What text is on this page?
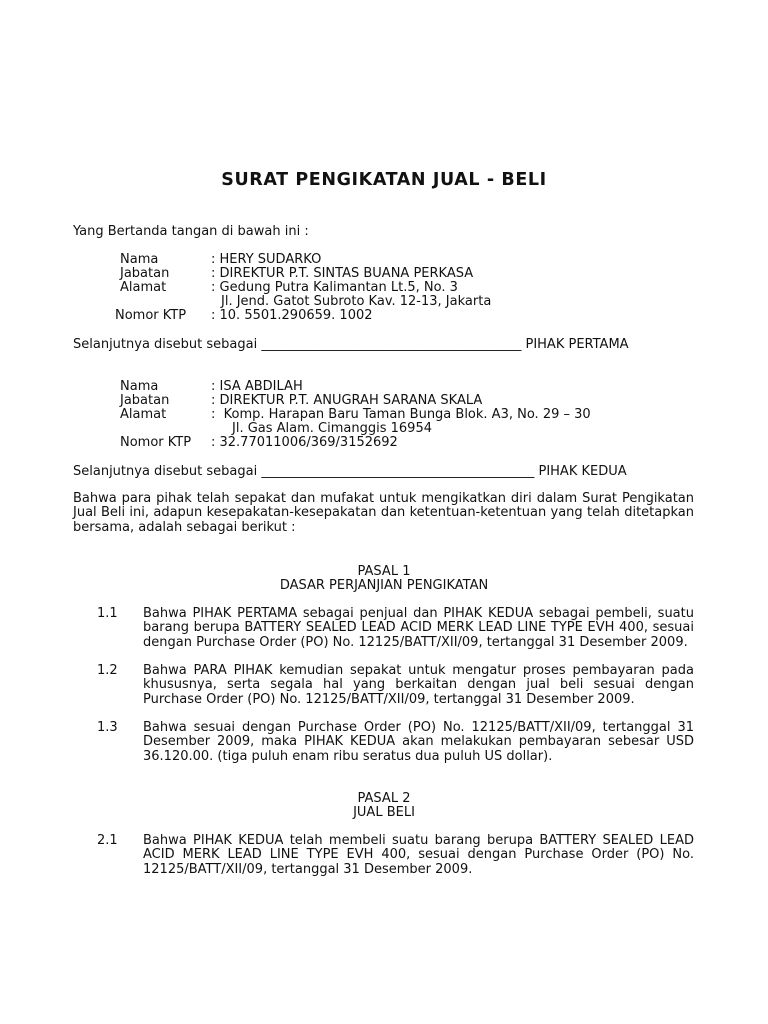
SURAT PENGIKATAN JUAL - BELI
Yang Bertanda tangan di bawah ini :
Nama	: HERY SUDARKO
Jabatan	: DIREKTUR P.T. SINTAS BUANA PERKASA
Alamat	: Gedung Putra Kalimantan Lt.5, No. 3
Jl. Jend. Gatot Subroto Kav. 12-13, Jakarta
Nomor KTP : 10. 5501.290659. 1002
Selanjutnya disebut sebagai ________________________________________ PIHAK PERTAMA
Nama	: ISA ABDILAH
Jabatan	: DIREKTUR P.T. ANUGRAH SARANA SKALA
Alamat	:  Komp. Harapan Baru Taman Bunga Blok. A3, No. 29 – 30
Jl. Gas Alam. Cimanggis 16954
Nomor KTP : 32.77011006/369/3152692
Selanjutnya disebut sebagai __________________________________________ PIHAK KEDUA
Bahwa para pihak telah sepakat dan mufakat untuk mengikatkan diri dalam Surat Pengikatan Jual Beli ini, adapun kesepakatan-kesepakatan dan ketentuan-ketentuan yang telah ditetapkan bersama, adalah sebagai berikut :
PASAL 1
DASAR PERJANJIAN PENGIKATAN
1.1 Bahwa PIHAK PERTAMA sebagai penjual dan PIHAK KEDUA sebagai pembeli, suatu barang berupa BATTERY SEALED LEAD ACID MERK LEAD LINE TYPE EVH 400, sesuai dengan Purchase Order (PO) No. 12125/BATT/XII/09, tertanggal 31 Desember 2009.
1.2 Bahwa PARA PIHAK kemudian sepakat untuk mengatur proses pembayaran pada khususnya, serta segala hal yang berkaitan dengan jual beli sesuai dengan Purchase Order (PO) No. 12125/BATT/XII/09, tertanggal 31 Desember 2009.
1.3 Bahwa sesuai dengan Purchase Order (PO) No. 12125/BATT/XII/09, tertanggal 31 Desember 2009, maka PIHAK KEDUA akan melakukan pembayaran sebesar USD 36.120.00. (tiga puluh enam ribu seratus dua puluh US dollar).
PASAL 2
JUAL BELI
2.1 Bahwa PIHAK KEDUA telah membeli suatu barang berupa BATTERY SEALED LEAD ACID MERK LEAD LINE TYPE EVH 400, sesuai dengan Purchase Order (PO) No. 12125/BATT/XII/09, tertanggal 31 Desember 2009.
